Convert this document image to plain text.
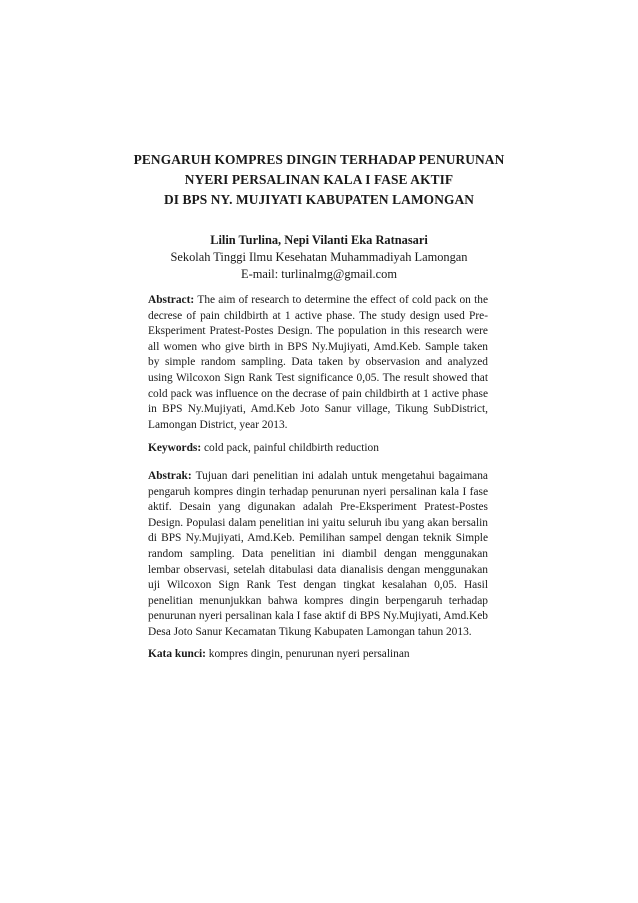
PENGARUH KOMPRES DINGIN TERHADAP PENURUNAN
NYERI PERSALINAN KALA I FASE AKTIF
DI BPS NY. MUJIYATI KABUPATEN LAMONGAN
Lilin Turlina, Nepi Vilanti Eka Ratnasari
Sekolah Tinggi Ilmu Kesehatan Muhammadiyah Lamongan
E-mail: turlinalmg@gmail.com
Abstract: The aim of research to determine the effect of cold pack on the decrese of pain childbirth at 1 active phase. The study design used Pre-Eksperiment Pratest-Postes Design. The population in this research were all women who give birth in BPS Ny.Mujiyati, Amd.Keb. Sample taken by simple random sampling. Data taken by observasion and analyzed using Wilcoxon Sign Rank Test significance 0,05. The result showed that cold pack was influence on the decrase of pain childbirth at 1 active phase in BPS Ny.Mujiyati, Amd.Keb Joto Sanur village, Tikung SubDistrict, Lamongan District, year 2013.
Keywords: cold pack, painful childbirth reduction
Abstrak: Tujuan dari penelitian ini adalah untuk mengetahui bagaimana pengaruh kompres dingin terhadap penurunan nyeri persalinan kala I fase aktif. Desain yang digunakan adalah Pre-Eksperiment Pratest-Postes Design. Populasi dalam penelitian ini yaitu seluruh ibu yang akan bersalin di BPS Ny.Mujiyati, Amd.Keb. Pemilihan sampel dengan teknik Simple random sampling. Data penelitian ini diambil dengan menggunakan lembar observasi, setelah ditabulasi data dianalisis dengan menggunakan uji Wilcoxon Sign Rank Test dengan tingkat kesalahan 0,05. Hasil penelitian menunjukkan bahwa kompres dingin berpengaruh terhadap penurunan nyeri persalinan kala I fase aktif di BPS Ny.Mujiyati, Amd.Keb Desa Joto Sanur Kecamatan Tikung Kabupaten Lamongan tahun 2013.
Kata kunci: kompres dingin, penurunan nyeri persalinan
